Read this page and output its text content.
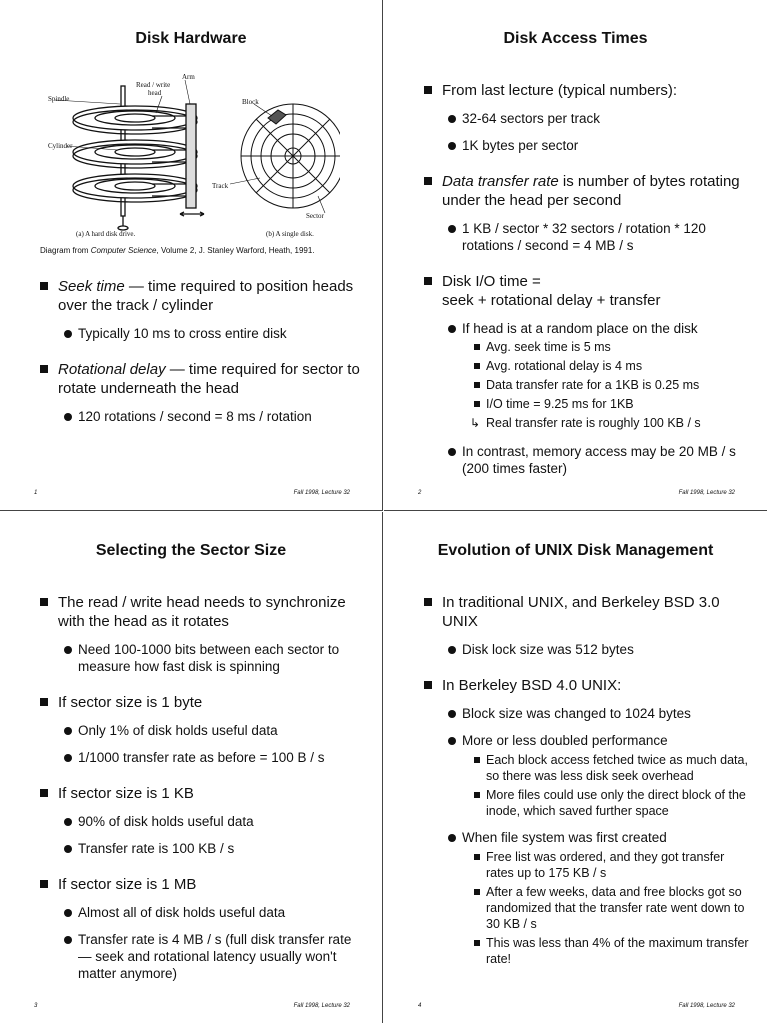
Disk Hardware
Spindle
Cylinder
Read / write
head
Arm
(a) A hard disk drive.
Block
Track
Sector
(b) A single disk.
Diagram from Computer Science, Volume 2, J. Stanley Warford, Heath, 1991.
Seek time — time required to position heads over the track / cylinder
Typically 10 ms to cross entire disk
Rotational delay — time required for sector to rotate underneath the head
120 rotations / second = 8 ms / rotation
1	Fall 1998, Lecture 32
Disk Access Times
From last lecture (typical numbers):
32-64 sectors per track
1K bytes per sector
Data transfer rate is number of bytes rotating under the head per second
1 KB / sector * 32 sectors / rotation * 120 rotations / second = 4 MB / s
Disk I/O time =
seek + rotational delay + transfer
If head is at a random place on the disk
Avg. seek time is 5 ms
Avg. rotational delay is 4 ms
Data transfer rate for a 1KB is 0.25 ms
I/O time = 9.25 ms for 1KB
↳ Real transfer rate is roughly 100 KB / s
In contrast, memory access may be 20 MB / s (200 times faster)
2	Fall 1998, Lecture 32
Selecting the Sector Size
The read / write head needs to synchronize with the head as it rotates
Need 100-1000 bits between each sector to measure how fast disk is spinning
If sector size is 1 byte
Only 1% of disk holds useful data
1/1000 transfer rate as before = 100 B / s
If sector size is 1 KB
90% of disk holds useful data
Transfer rate is 100 KB / s
If sector size is 1 MB
Almost all of disk holds useful data
Transfer rate is 4 MB / s (full disk transfer rate — seek and rotational latency usually won't matter anymore)
3	Fall 1998, Lecture 32
Evolution of UNIX Disk Management
In traditional UNIX, and Berkeley BSD 3.0 UNIX
Disk lock size was 512 bytes
In Berkeley BSD 4.0 UNIX:
Block size was changed to 1024 bytes
More or less doubled performance
Each block access fetched twice as much data, so there was less disk seek overhead
More files could use only the direct block of the inode, which saved further space
When file system was first created
Free list was ordered, and they got transfer rates up to 175 KB / s
After a few weeks, data and free blocks got so randomized that the transfer rate went down to 30 KB / s
This was less than 4% of the maximum transfer rate!
4	Fall 1998, Lecture 32
